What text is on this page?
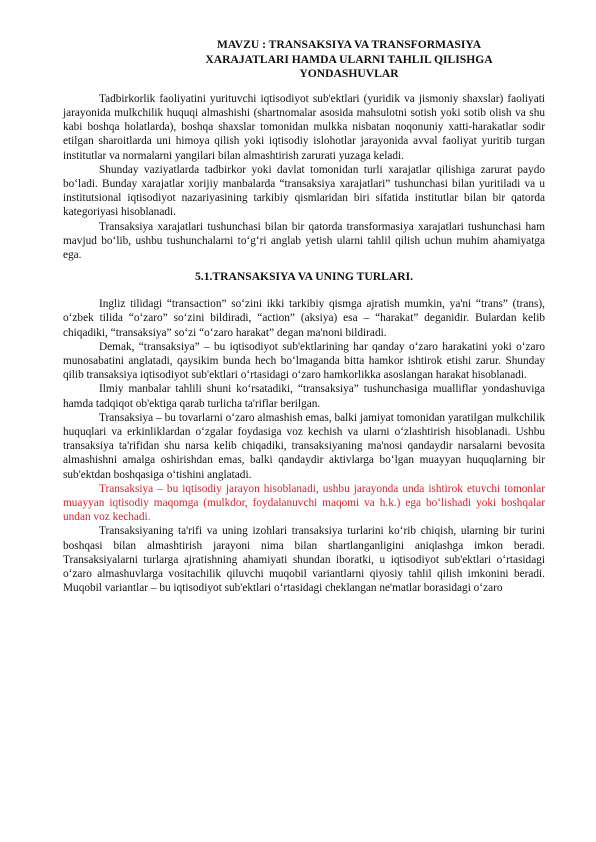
MAVZU : TRANSAKSIYA VA TRANSFORMASIYA
XARAJATLARI HAMDA ULARNI TAHLIL QILISHGA
YONDASHUVLAR

Tadbirkorlik faoliyatini yurituvchi iqtisodiyot sub'ektlari (yuridik va jismoniy shaxslar) faoliyati jarayonida mulkchilik huquqi almashishi (shartnomalar asosida mahsulotni sotish yoki sotib olish va shu kabi boshqa holatlarda), boshqa shaxslar tomonidan mulkka nisbatan noqonuniy xatti-harakatlar sodir etilgan sharoitlarda uni himoya qilish yoki iqtisodiy islohotlar jarayonida avval faoliyat yuritib turgan institutlar va normalarni yangilari bilan almashtirish zarurati yuzaga keladi.

Shunday vaziyatlarda tadbirkor yoki davlat tomonidan turli xarajatlar qilishiga zarurat paydo bo‘ladi. Bunday xarajatlar xorijiy manbalarda “transaksiya xarajatlari” tushunchasi bilan yuritiladi va u institutsional iqtisodiyot nazariyasining tarkibiy qismlaridan biri sifatida institutlar bilan bir qatorda kategoriyasi hisoblanadi.

Transaksiya xarajatlari tushunchasi bilan bir qatorda transformasiya xarajatlari tushunchasi ham mavjud bo‘lib, ushbu tushunchalarni to‘g‘ri anglab yetish ularni tahlil qilish uchun muhim ahamiyatga ega.

5.1.TRANSAKSIYA VA UNING TURLARI.

Ingliz tilidagi “transaction” so‘zini ikki tarkibiy qismga ajratish mumkin, ya'ni “trans” (trans), o‘zbek tilida “o‘zaro” so‘zini bildiradi, “action” (aksiya) esa – “harakat” deganidir. Bulardan kelib chiqadiki, “transaksiya” so‘zi “o‘zaro harakat” degan ma'noni bildiradi.

Demak, “transaksiya” – bu iqtisodiyot sub'ektlarining har qanday o‘zaro harakatini yoki o‘zaro munosabatini anglatadi, qaysikim bunda hech bo‘lmaganda bitta hamkor ishtirok etishi zarur. Shunday qilib transaksiya iqtisodiyot sub'ektlari o‘rtasidagi o‘zaro hamkorlikka asoslangan harakat hisoblanadi.

Ilmiy manbalar tahlili shuni ko‘rsatadiki, “transaksiya” tushunchasiga mualliflar yondashuviga hamda tadqiqot ob'ektiga qarab turlicha ta'riflar berilgan.

Transaksiya – bu tovarlarni o‘zaro almashish emas, balki jamiyat tomonidan yaratilgan mulkchilik huquqlari va erkinliklardan o‘zgalar foydasiga voz kechish va ularni o‘zlashtirish hisoblanadi. Ushbu transaksiya ta'rifidan shu narsa kelib chiqadiki, transaksiyaning ma'nosi qandaydir narsalarni bevosita almashishni amalga oshirishdan emas, balki qandaydir aktivlarga bo‘lgan muayyan huquqlarning bir sub'ektdan boshqasiga o‘tishini anglatadi.

Transaksiya – bu iqtisodiy jarayon hisoblanadi, ushbu jarayonda unda ishtirok etuvchi tomonlar muayyan iqtisodiy maqomga (mulkdor, foydalanuvchi maqomi va h.k.) ega bo‘lishadi yoki boshqalar undan voz kechadi.

Transaksiyaning ta'rifi va uning izohlari transaksiya turlarini ko‘rib chiqish, ularning bir turini boshqasi bilan almashtirish jarayoni nima bilan shartlanganligini aniqlashga imkon beradi. Transaksiyalarni turlarga ajratishning ahamiyati shundan iboratki, u iqtisodiyot sub'ektlari o‘rtasidagi o‘zaro almashuvlarga vositachilik qiluvchi muqobil variantlarni qiyosiy tahlil qilish imkonini beradi. Muqobil variantlar – bu iqtisodiyot sub'ektlari o‘rtasidagi cheklangan ne'matlar borasidagi o‘zaro
